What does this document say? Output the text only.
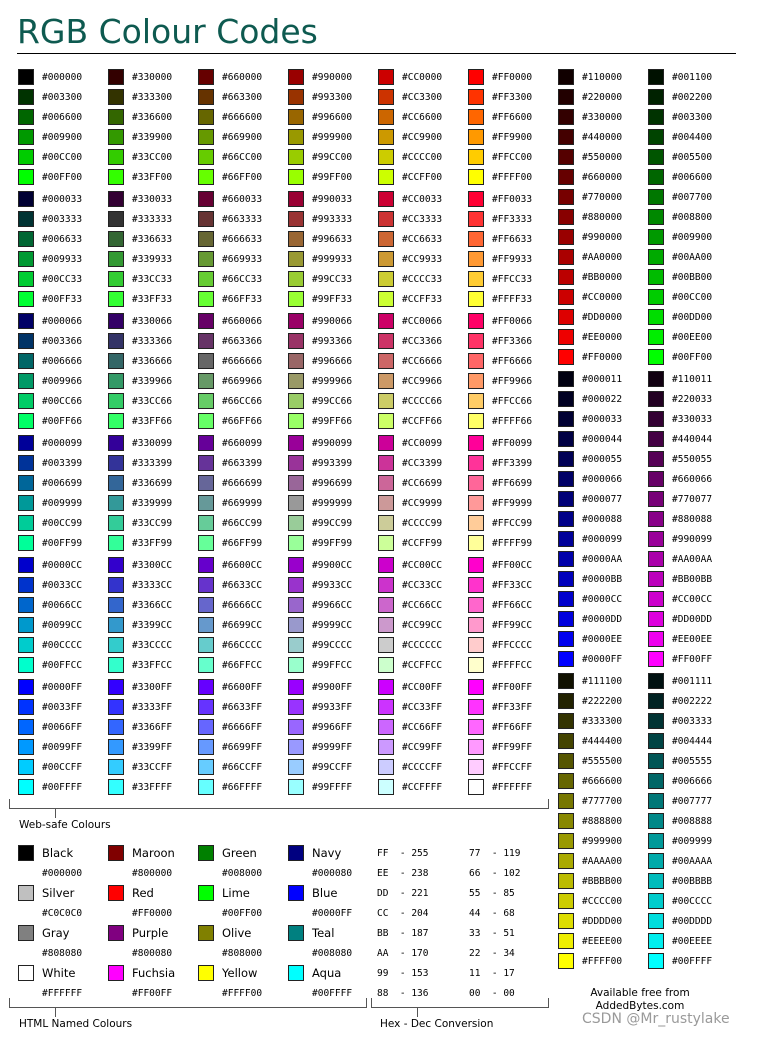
RGB Colour Codes
#000000
#003300
#006600
#009900
#00CC00
#00FF00
#000033
#003333
#006633
#009933
#00CC33
#00FF33
#000066
#003366
#006666
#009966
#00CC66
#00FF66
#000099
#003399
#006699
#009999
#00CC99
#00FF99
#0000CC
#0033CC
#0066CC
#0099CC
#00CCCC
#00FFCC
#0000FF
#0033FF
#0066FF
#0099FF
#00CCFF
#00FFFF
#330000
#333300
#336600
#339900
#33CC00
#33FF00
#330033
#333333
#336633
#339933
#33CC33
#33FF33
#330066
#333366
#336666
#339966
#33CC66
#33FF66
#330099
#333399
#336699
#339999
#33CC99
#33FF99
#3300CC
#3333CC
#3366CC
#3399CC
#33CCCC
#33FFCC
#3300FF
#3333FF
#3366FF
#3399FF
#33CCFF
#33FFFF
#660000
#663300
#666600
#669900
#66CC00
#66FF00
#660033
#663333
#666633
#669933
#66CC33
#66FF33
#660066
#663366
#666666
#669966
#66CC66
#66FF66
#660099
#663399
#666699
#669999
#66CC99
#66FF99
#6600CC
#6633CC
#6666CC
#6699CC
#66CCCC
#66FFCC
#6600FF
#6633FF
#6666FF
#6699FF
#66CCFF
#66FFFF
#990000
#993300
#996600
#999900
#99CC00
#99FF00
#990033
#993333
#996633
#999933
#99CC33
#99FF33
#990066
#993366
#996666
#999966
#99CC66
#99FF66
#990099
#993399
#996699
#999999
#99CC99
#99FF99
#9900CC
#9933CC
#9966CC
#9999CC
#99CCCC
#99FFCC
#9900FF
#9933FF
#9966FF
#9999FF
#99CCFF
#99FFFF
#CC0000
#CC3300
#CC6600
#CC9900
#CCCC00
#CCFF00
#CC0033
#CC3333
#CC6633
#CC9933
#CCCC33
#CCFF33
#CC0066
#CC3366
#CC6666
#CC9966
#CCCC66
#CCFF66
#CC0099
#CC3399
#CC6699
#CC9999
#CCCC99
#CCFF99
#CC00CC
#CC33CC
#CC66CC
#CC99CC
#CCCCCC
#CCFFCC
#CC00FF
#CC33FF
#CC66FF
#CC99FF
#CCCCFF
#CCFFFF
#FF0000
#FF3300
#FF6600
#FF9900
#FFCC00
#FFFF00
#FF0033
#FF3333
#FF6633
#FF9933
#FFCC33
#FFFF33
#FF0066
#FF3366
#FF6666
#FF9966
#FFCC66
#FFFF66
#FF0099
#FF3399
#FF6699
#FF9999
#FFCC99
#FFFF99
#FF00CC
#FF33CC
#FF66CC
#FF99CC
#FFCCCC
#FFFFCC
#FF00FF
#FF33FF
#FF66FF
#FF99FF
#FFCCFF
#FFFFFF
#110000
#220000
#330000
#440000
#550000
#660000
#770000
#880000
#990000
#AA0000
#BB0000
#CC0000
#DD0000
#EE0000
#FF0000
#000011
#000022
#000033
#000044
#000055
#000066
#000077
#000088
#000099
#0000AA
#0000BB
#0000CC
#0000DD
#0000EE
#0000FF
#111100
#222200
#333300
#444400
#555500
#666600
#777700
#888800
#999900
#AAAA00
#BBBB00
#CCCC00
#DDDD00
#EEEE00
#FFFF00
#001100
#002200
#003300
#004400
#005500
#006600
#007700
#008800
#009900
#00AA00
#00BB00
#00CC00
#00DD00
#00EE00
#00FF00
#110011
#220033
#330033
#440044
#550055
#660066
#770077
#880088
#990099
#AA00AA
#BB00BB
#CC00CC
#DD00DD
#EE00EE
#FF00FF
#001111
#002222
#003333
#004444
#005555
#006666
#007777
#008888
#009999
#00AAAA
#00BBBB
#00CCCC
#00DDDD
#00EEEE
#00FFFF
Black
#000000
Maroon
#800000
Green
#008000
Navy
#000080
Silver
#C0C0C0
Red
#FF0000
Lime
#00FF00
Blue
#0000FF
Gray
#808080
Purple
#800080
Olive
#808000
Teal
#008080
White
#FFFFFF
Fuchsia
#FF00FF
Yellow
#FFFF00
Aqua
#00FFFF
FF  - 255
EE  - 238
DD  - 221
CC  - 204
BB  - 187
AA  - 170
99  - 153
88  - 136
77  - 119
66  - 102
55  - 85
44  - 68
33  - 51
22  - 34
11  - 17
00  - 00
Web-safe Colours
HTML Named Colours	Hex - Dec Conversion
Available free from AddedBytes.com
CSDN @Mr_rustylake
